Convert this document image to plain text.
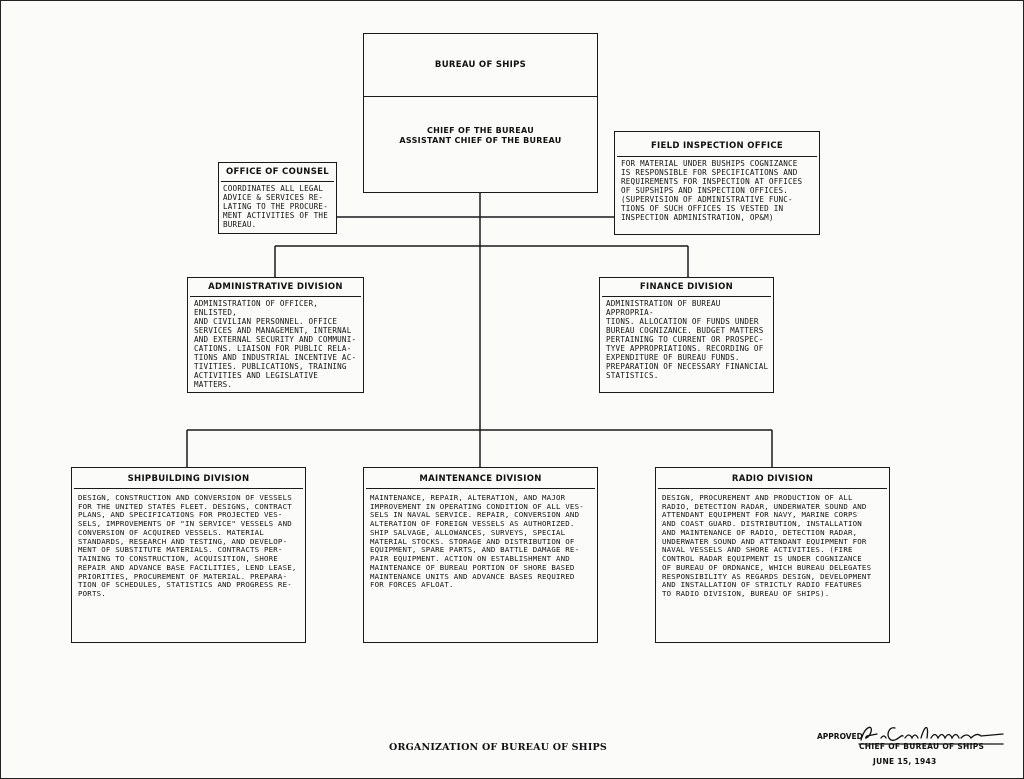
BUREAU OF SHIPS
CHIEF OF THE BUREAU
ASSISTANT CHIEF OF THE BUREAU
OFFICE OF COUNSEL
COORDINATES ALL LEGAL
ADVICE & SERVICES RE-
LATING TO THE PROCURE-
MENT ACTIVITIES OF THE
BUREAU.
FIELD INSPECTION OFFICE
FOR MATERIAL UNDER BUSHIPS COGNIZANCE
IS RESPONSIBLE FOR SPECIFICATIONS AND
REQUIREMENTS FOR INSPECTION AT OFFICES
OF SUPSHIPS AND INSPECTION OFFICES.
(SUPERVISION OF ADMINISTRATIVE FUNC-
TIONS OF SUCH OFFICES IS VESTED IN
INSPECTION ADMINISTRATION, OP&M)
ADMINISTRATIVE DIVISION
ADMINISTRATION OF OFFICER, ENLISTED,
AND CIVILIAN PERSONNEL. OFFICE
SERVICES AND MANAGEMENT, INTERNAL
AND EXTERNAL SECURITY AND COMMUNI-
CATIONS. LIAISON FOR PUBLIC RELA-
TIONS AND INDUSTRIAL INCENTIVE AC-
TIVITIES. PUBLICATIONS, TRAINING
ACTIVITIES AND LEGISLATIVE MATTERS.
FINANCE DIVISION
ADMINISTRATION OF BUREAU APPROPRIA-
TIONS. ALLOCATION OF FUNDS UNDER
BUREAU COGNIZANCE. BUDGET MATTERS
PERTAINING TO CURRENT OR PROSPEC-
TYVE APPROPRIATIONS. RECORDING OF
EXPENDITURE OF BUREAU FUNDS.
PREPARATION OF NECESSARY FINANCIAL
STATISTICS.
SHIPBUILDING DIVISION
DESIGN, CONSTRUCTION AND CONVERSION OF VESSELS
FOR THE UNITED STATES FLEET. DESIGNS, CONTRACT
PLANS, AND SPECIFICATIONS FOR PROJECTED VES-
SELS, IMPROVEMENTS OF "IN SERVICE" VESSELS AND
CONVERSION OF ACQUIRED VESSELS. MATERIAL
STANDARDS, RESEARCH AND TESTING, AND DEVELOP-
MENT OF SUBSTITUTE MATERIALS. CONTRACTS PER-
TAINING TO CONSTRUCTION, ACQUISITION, SHORE
REPAIR AND ADVANCE BASE FACILITIES, LEND LEASE,
PRIORITIES, PROCUREMENT OF MATERIAL. PREPARA-
TION OF SCHEDULES, STATISTICS AND PROGRESS RE-
PORTS.
MAINTENANCE DIVISION
MAINTENANCE, REPAIR, ALTERATION, AND MAJOR
IMPROVEMENT IN OPERATING CONDITION OF ALL VES-
SELS IN NAVAL SERVICE. REPAIR, CONVERSION AND
ALTERATION OF FOREIGN VESSELS AS AUTHORIZED.
SHIP SALVAGE, ALLOWANCES, SURVEYS, SPECIAL
MATERIAL STOCKS. STORAGE AND DISTRIBUTION OF
EQUIPMENT, SPARE PARTS, AND BATTLE DAMAGE RE-
PAIR EQUIPMENT. ACTION ON ESTABLISHMENT AND
MAINTENANCE OF BUREAU PORTION OF SHORE BASED
MAINTENANCE UNITS AND ADVANCE BASES REQUIRED
FOR FORCES AFLOAT.
RADIO DIVISION
DESIGN, PROCUREMENT AND PRODUCTION OF ALL
RADIO, DETECTION RADAR, UNDERWATER SOUND AND
ATTENDANT EQUIPMENT FOR NAVY, MARINE CORPS
AND COAST GUARD. DISTRIBUTION, INSTALLATION
AND MAINTENANCE OF RADIO, DETECTION RADAR,
UNDERWATER SOUND AND ATTENDANT EQUIPMENT FOR
NAVAL VESSELS AND SHORE ACTIVITIES. (FIRE
CONTROL RADAR EQUIPMENT IS UNDER COGNIZANCE
OF BUREAU OF ORDNANCE, WHICH BUREAU DELEGATES
RESPONSIBILITY AS REGARDS DESIGN, DEVELOPMENT
AND INSTALLATION OF STRICTLY RADIO FEATURES
TO RADIO DIVISION, BUREAU OF SHIPS).
ORGANIZATION OF BUREAU OF SHIPS
APPROVED
CHIEF OF BUREAU OF SHIPS
JUNE 15, 1943
